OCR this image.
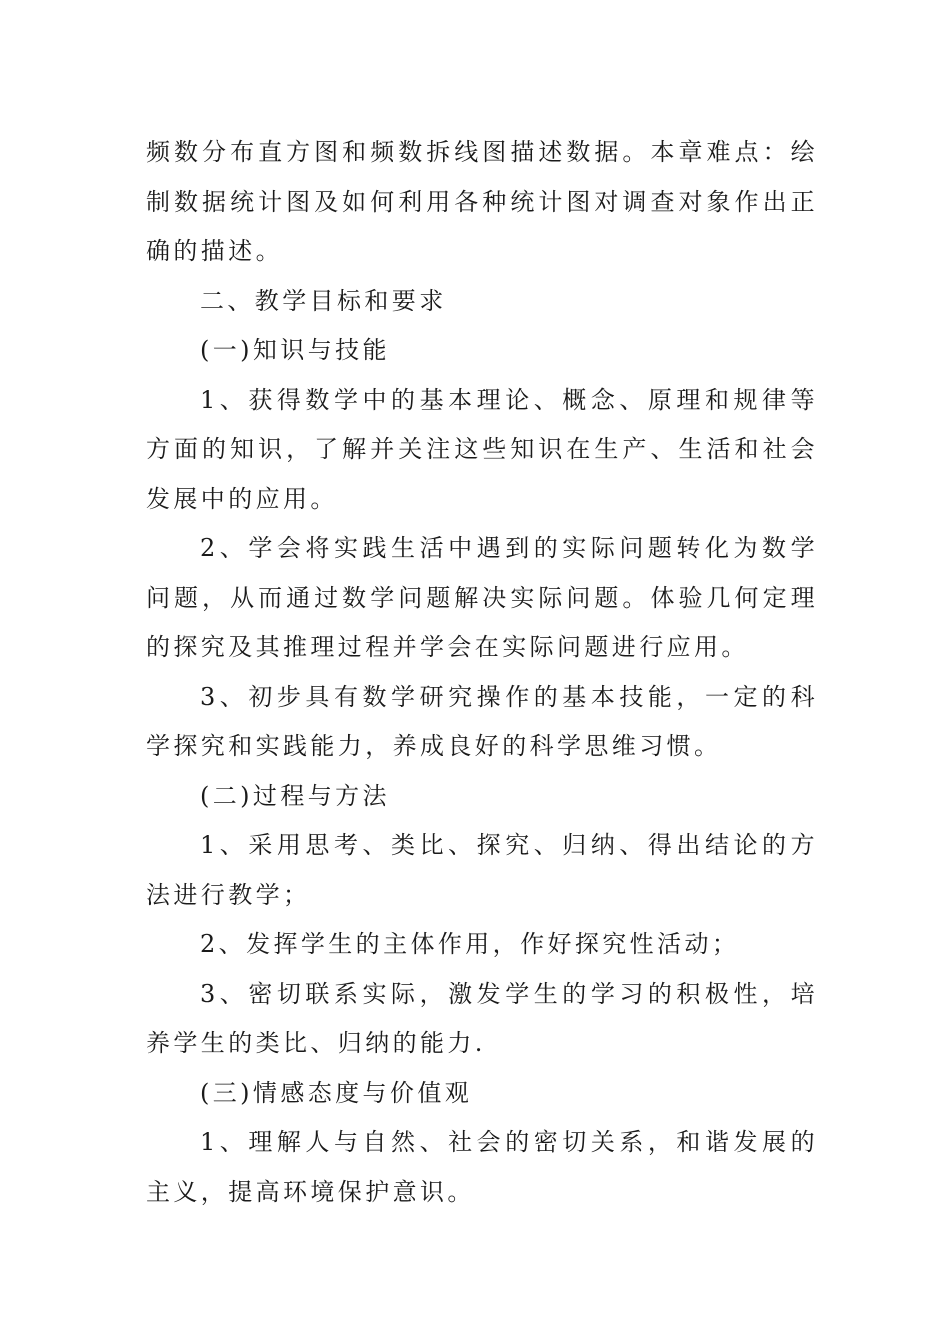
频数分布直方图和频数拆线图描述数据。本章难点：绘制数据统计图及如何利用各种统计图对调查对象作出正确的描述。

二、教学目标和要求

(一)知识与技能

1、获得数学中的基本理论、概念、原理和规律等方面的知识，了解并关注这些知识在生产、生活和社会发展中的应用。

2、学会将实践生活中遇到的实际问题转化为数学问题，从而通过数学问题解决实际问题。体验几何定理的探究及其推理过程并学会在实际问题进行应用。

3、初步具有数学研究操作的基本技能，一定的科学探究和实践能力，养成良好的科学思维习惯。

(二)过程与方法

1、采用思考、类比、探究、归纳、得出结论的方法进行教学；

2、发挥学生的主体作用，作好探究性活动；

3、密切联系实际，激发学生的学习的积极性，培养学生的类比、归纳的能力.

(三)情感态度与价值观

1、理解人与自然、社会的密切关系，和谐发展的主义，提高环境保护意识。
